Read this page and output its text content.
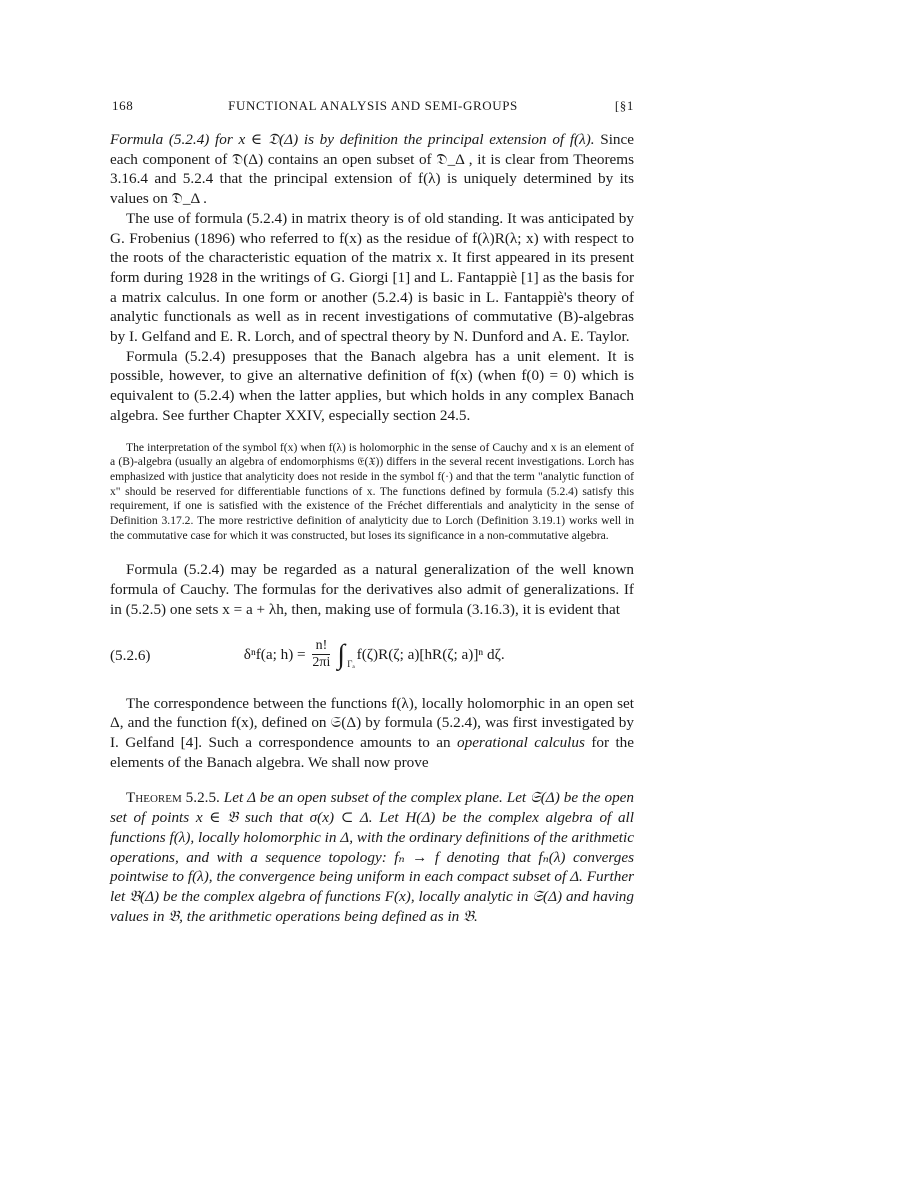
168	FUNCTIONAL ANALYSIS AND SEMI-GROUPS	[§1

Formula (5.2.4) for x ∈ 𝔇(Δ) is by definition the principal extension of f(λ). Since each component of 𝔇(Δ) contains an open subset of 𝔇_Δ , it is clear from Theorems 3.16.4 and 5.2.4 that the principal extension of f(λ) is uniquely determined by its values on 𝔇_Δ .

The use of formula (5.2.4) in matrix theory is of old standing. It was anticipated by G. Frobenius (1896) who referred to f(x) as the residue of f(λ)R(λ; x) with respect to the roots of the characteristic equation of the matrix x. It first appeared in its present form during 1928 in the writings of G. Giorgi [1] and L. Fantappiè [1] as the basis for a matrix calculus. In one form or another (5.2.4) is basic in L. Fantappiè's theory of analytic functionals as well as in recent investigations of commutative (B)-algebras by I. Gelfand and E. R. Lorch, and of spectral theory by N. Dunford and A. E. Taylor.

Formula (5.2.4) presupposes that the Banach algebra has a unit element. It is possible, however, to give an alternative definition of f(x) (when f(0) = 0) which is equivalent to (5.2.4) when the latter applies, but which holds in any complex Banach algebra. See further Chapter XXIV, especially section 24.5.

The interpretation of the symbol f(x) when f(λ) is holomorphic in the sense of Cauchy and x is an element of a (B)-algebra (usually an algebra of endomorphisms 𝔈(𝔛)) differs in the several recent investigations. Lorch has emphasized with justice that analyticity does not reside in the symbol f(·) and that the term "analytic function of x" should be reserved for differentiable functions of x. The functions defined by formula (5.2.4) satisfy this requirement, if one is satisfied with the existence of the Fréchet differentials and analyticity in the sense of Definition 3.17.2. The more restrictive definition of analyticity due to Lorch (Definition 3.19.1) works well in the commutative case for which it was constructed, but loses its significance in a non-commutative algebra.

Formula (5.2.4) may be regarded as a natural generalization of the well known formula of Cauchy. The formulas for the derivatives also admit of generalizations. If in (5.2.5) one sets x = a + λh, then, making use of formula (3.16.3), it is evident that

(5.2.6)	δⁿf(a; $h) = \frac{n!}{2\pi i}$ ∫ Γₐ
f(ζ)R(ζ; a)[hR(ζ; a)]ⁿ dζ.

The correspondence between the functions f(λ), locally holomorphic in an open set Δ, and the function f(x), defined on 𝔖(Δ) by formula (5.2.4), was first investigated by I. Gelfand [4]. Such a correspondence amounts to an operational calculus for the elements of the Banach algebra. We shall now prove

Theorem 5.2.5. Let Δ be an open subset of the complex plane. Let 𝔖(Δ) be the open set of points x ∈ 𝔅 such that σ(x) ⊂ Δ. Let H(Δ) be the complex algebra of all functions f(λ), locally holomorphic in Δ, with the ordinary definitions of the arithmetic operations, and with a sequence topology: fₙ → f denoting that fₙ(λ) converges pointwise to f(λ), the convergence being uniform in each compact subset of Δ. Further let 𝔅(Δ) be the complex algebra of functions F(x), locally analytic in 𝔖(Δ) and having values in 𝔅, the arithmetic operations being defined as in 𝔅.
